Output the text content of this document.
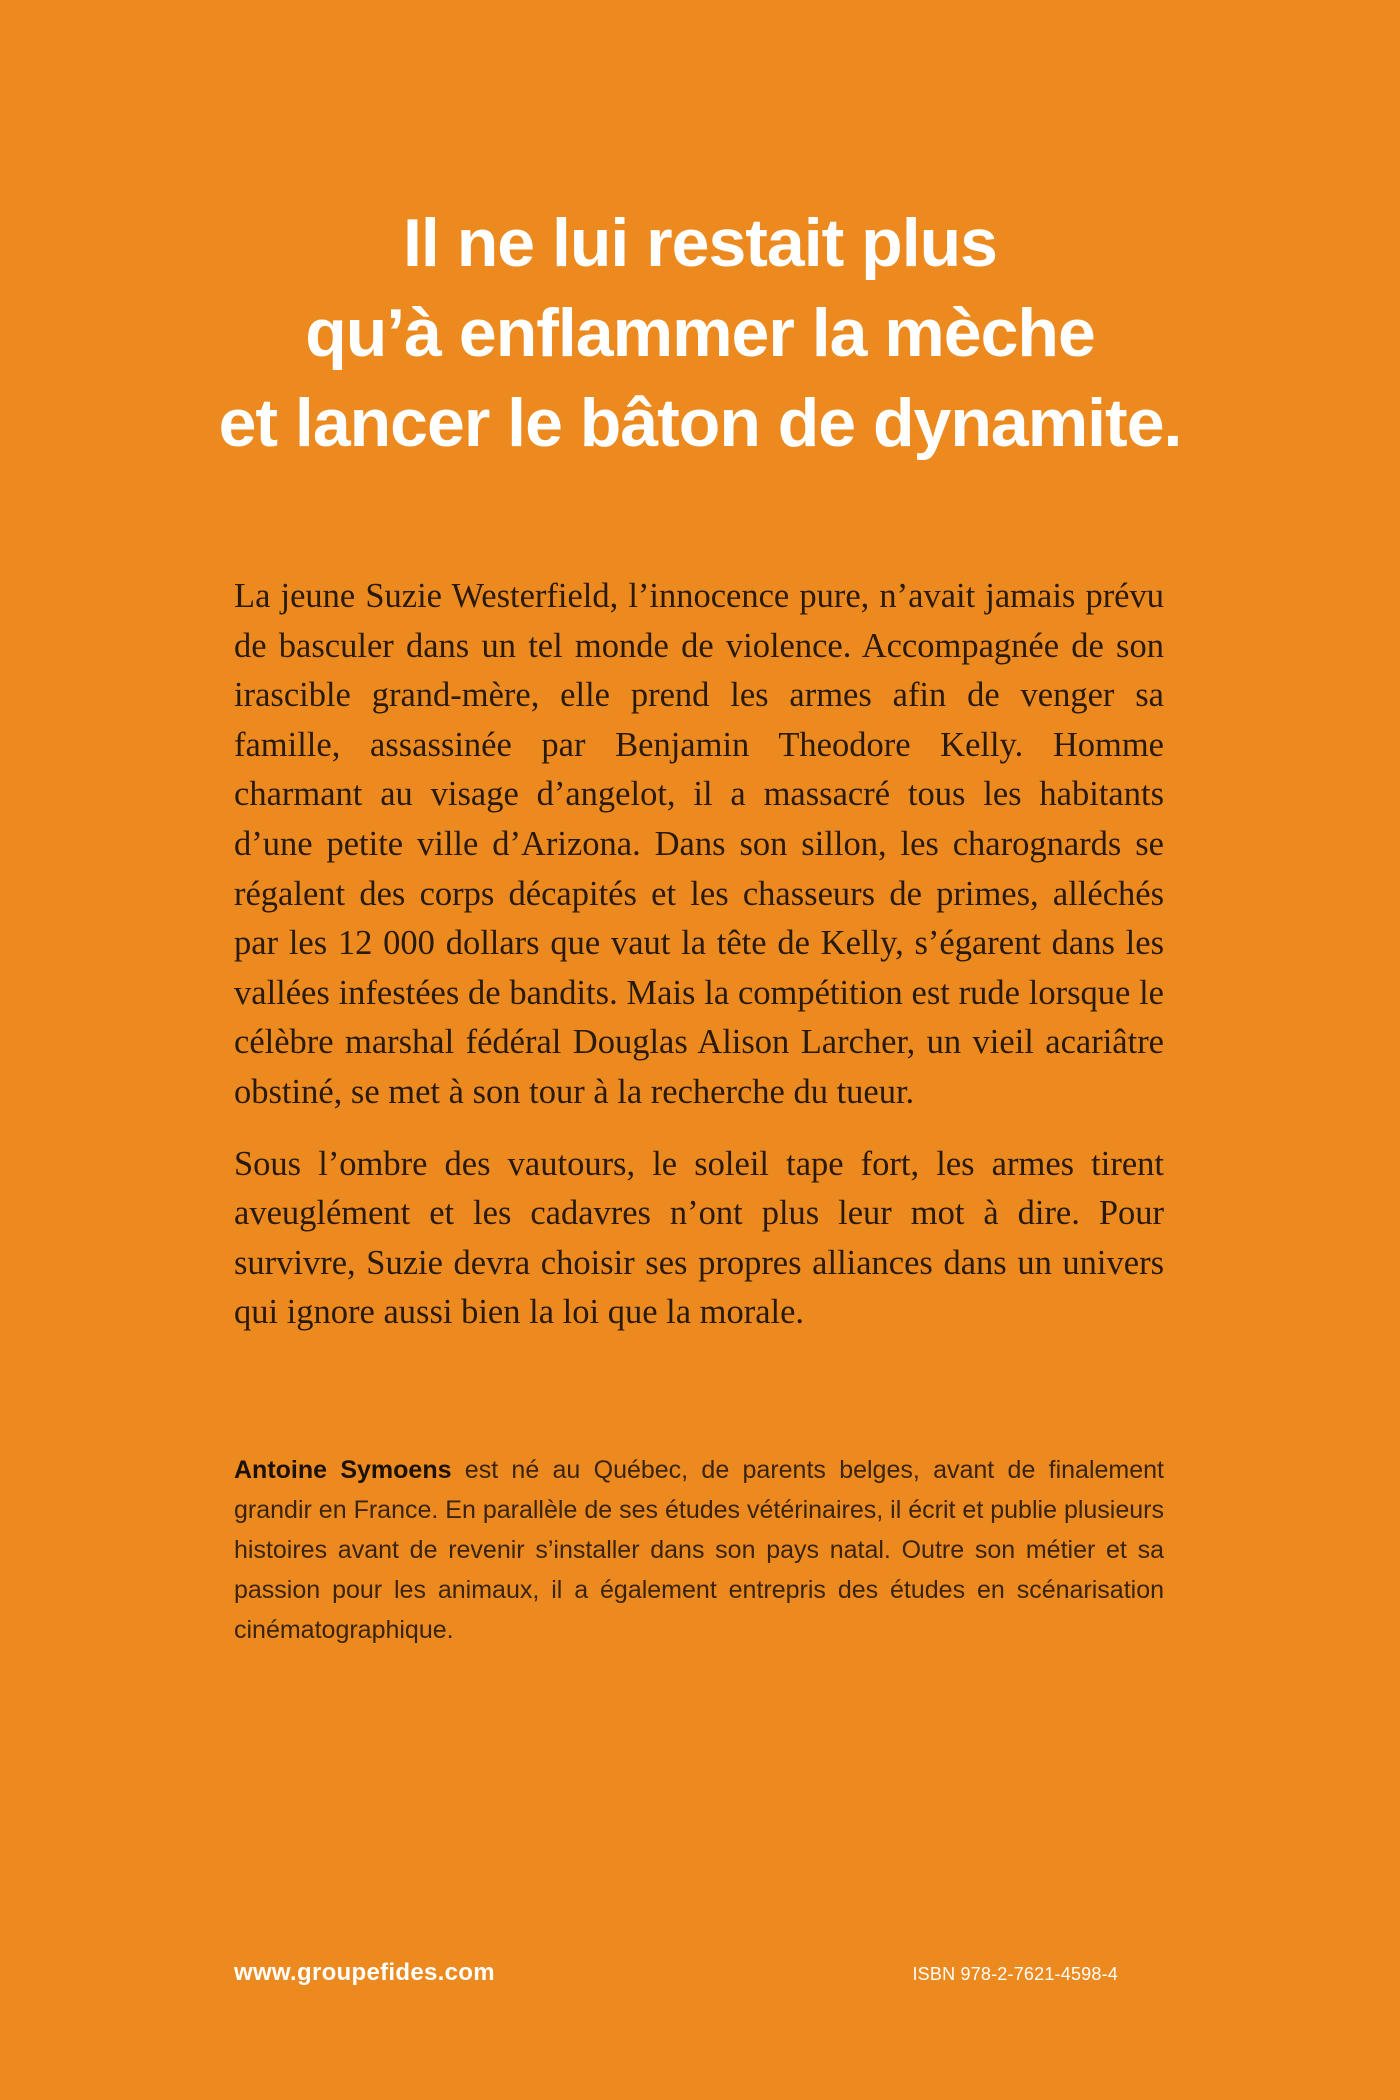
Il ne lui restait plus
qu’à enflammer la mèche
et lancer le bâton de dynamite.

La jeune Suzie Westerfield, l’innocence pure, n’avait jamais prévu de basculer dans un tel monde de violence. Accompagnée de son irascible grand-mère, elle prend les armes afin de venger sa famille, assassinée par Benjamin Theodore Kelly. Homme charmant au visage d’angelot, il a massacré tous les habitants d’une petite ville d’Arizona. Dans son sillon, les charognards se régalent des corps décapités et les chasseurs de primes, alléchés par les 12 000 dollars que vaut la tête de Kelly, s’égarent dans les vallées infestées de bandits. Mais la compétition est rude lorsque le célèbre marshal fédéral Douglas Alison Larcher, un vieil acariâtre obstiné, se met à son tour à la recherche du tueur.

Sous l’ombre des vautours, le soleil tape fort, les armes tirent aveuglément et les cadavres n’ont plus leur mot à dire. Pour survivre, Suzie devra choisir ses propres alliances dans un univers qui ignore aussi bien la loi que la morale.

Antoine Symoens est né au Québec, de parents belges, avant de finalement grandir en France. En parallèle de ses études vétérinaires, il écrit et publie plusieurs histoires avant de revenir s’installer dans son pays natal. Outre son métier et sa passion pour les animaux, il a également entrepris des études en scénarisation cinématographique.

www.groupefides.com	ISBN 978-2-7621-4598-4
